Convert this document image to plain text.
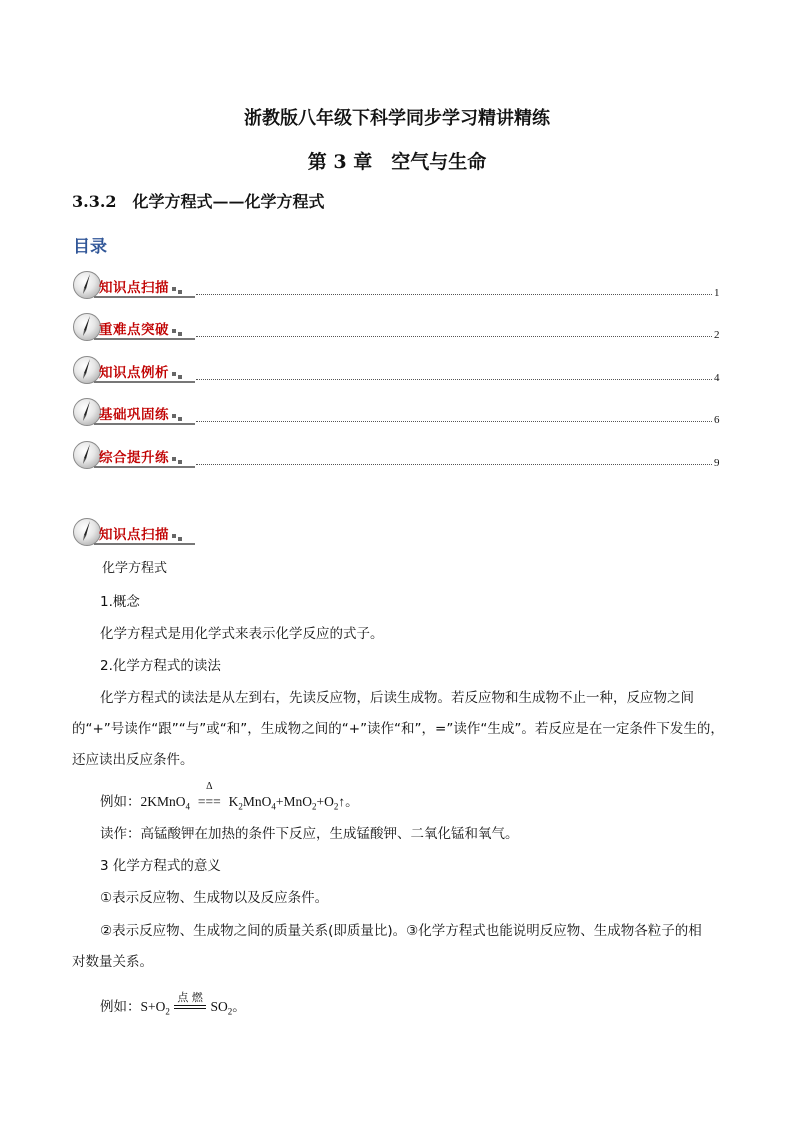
浙教版八年级下科学同步学习精讲精练
第 3 章　空气与生命
3.3.2 化学方程式——化学方程式
目录
知识点扫描	1
重难点突破	2
知识点例析	4
基础巩固练	6
综合提升练	9
知识点扫描
化学方程式
1.概念
化学方程式是用化学式来表示化学反应的式子。
2.化学方程式的读法
化学方程式的读法是从左到右，先读反应物，后读生成物。若反应物和生成物不止一种，反应物之间
的“+”号读作“跟”“与”或“和”，生成物之间的“+”读作“和”，=”读作“生成”。若反应是在一定条件下发生的，
还应读出反应条件。
例如：2KMnO$_4$
Δ
=== $K_2MnO_4+MnO_2+O_2↑$。
读作：高锰酸钾在加热的条件下反应，生成锰酸钾、二氧化锰和氧气。
3 化学方程式的意义
①表示反应物、生成物以及反应条件。
②表示反应物、生成物之间的质量关系(即质量比)。③化学方程式也能说明反应物、生成物各粒子的相
对数量关系。
例如：$S+O_2$
点 燃
$SO_2$。
